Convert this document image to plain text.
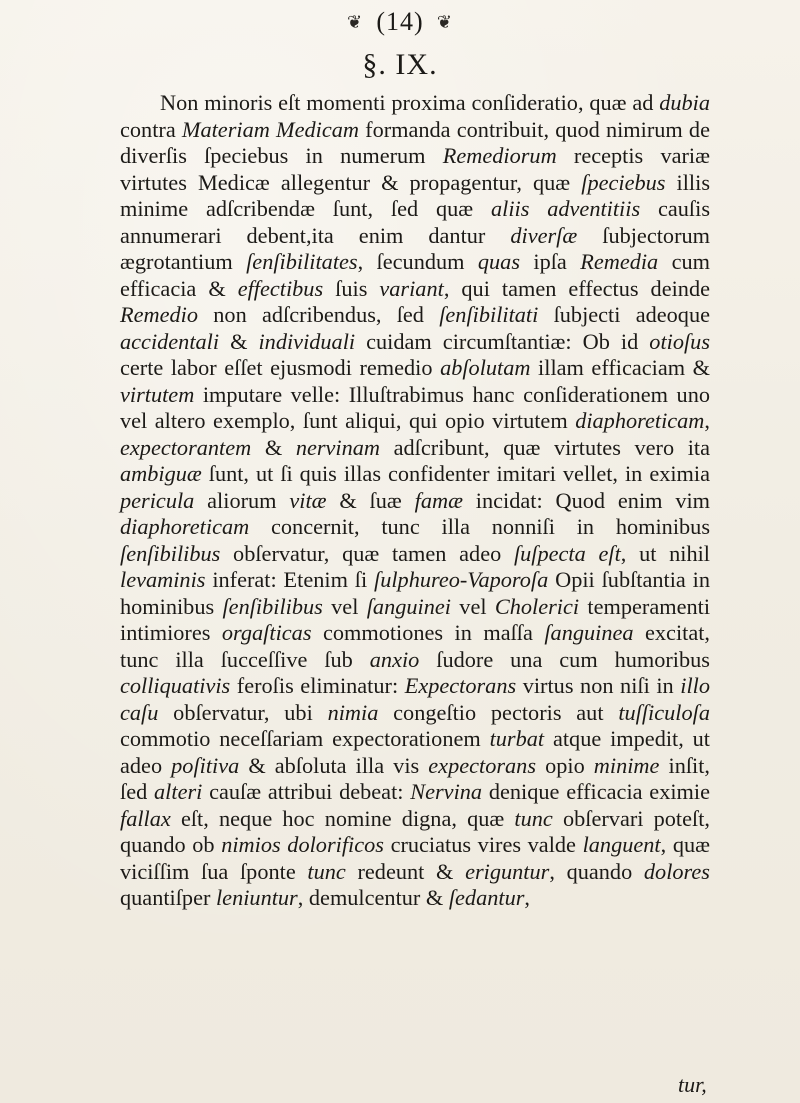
❦ (14) ❦
§. IX.
Non minoris eſt momenti proxima conſideratio, quæ ad dubia contra Materiam Medicam formanda contribuit, quod nimirum de diverſis ſpeciebus in numerum Remediorum receptis variæ virtutes Medicæ allegentur & propagentur, quæ ſpeciebus illis minime adſcribendæ ſunt, ſed quæ aliis adventitiis cauſis annumerari debent,ita enim dantur diverſæ ſubjectorum ægrotantium ſenſibilitates, ſecundum quas ipſa Remedia cum efficacia & effectibus ſuis variant, qui tamen effectus deinde Remedio non adſcribendus, ſed ſenſibilitati ſubjecti adeoque accidentali & individuali cuidam circumſtantiæ: Ob id otioſus certe labor eſſet ejusmodi remedio abſolutam illam efficaciam & virtutem imputare velle: Illuſtrabimus hanc conſiderationem uno vel altero exemplo, ſunt aliqui, qui opio virtutem diaphoreticam, expectorantem & nervinam adſcribunt, quæ virtutes vero ita ambiguæ ſunt, ut ſi quis illas confidenter imitari vellet, in eximia pericula aliorum vitæ & ſuæ famæ incidat: Quod enim vim diaphoreticam concernit, tunc illa nonniſi in hominibus ſenſibilibus obſervatur, quæ tamen adeo ſuſpecta eſt, ut nihil levaminis inferat: Etenim ſi ſulphureo-Vaporoſa Opii ſubſtantia in hominibus ſenſibilibus vel ſanguinei vel Cholerici temperamenti intimiores orgaſticas commotiones in maſſa ſanguinea excitat, tunc illa ſucceſſive ſub anxio ſudore una cum humoribus colliquativis feroſis eliminatur: Expectorans virtus non niſi in illo caſu obſervatur, ubi nimia congeſtio pectoris aut tuſſiculoſa commotio neceſſariam expectorationem turbat atque impedit, ut adeo poſitiva & abſoluta illa vis expectorans opio minime inſit, ſed alteri cauſæ attribui debeat: Nervina denique efficacia eximie fallax eſt, neque hoc nomine digna, quæ tunc obſervari poteſt, quando ob nimios dolorificos cruciatus vires valde languent, quæ viciſſim ſua ſponte tunc redeunt & eriguntur, quando dolores quantiſper leniuntur, demulcentur & ſedantur,
tur,
